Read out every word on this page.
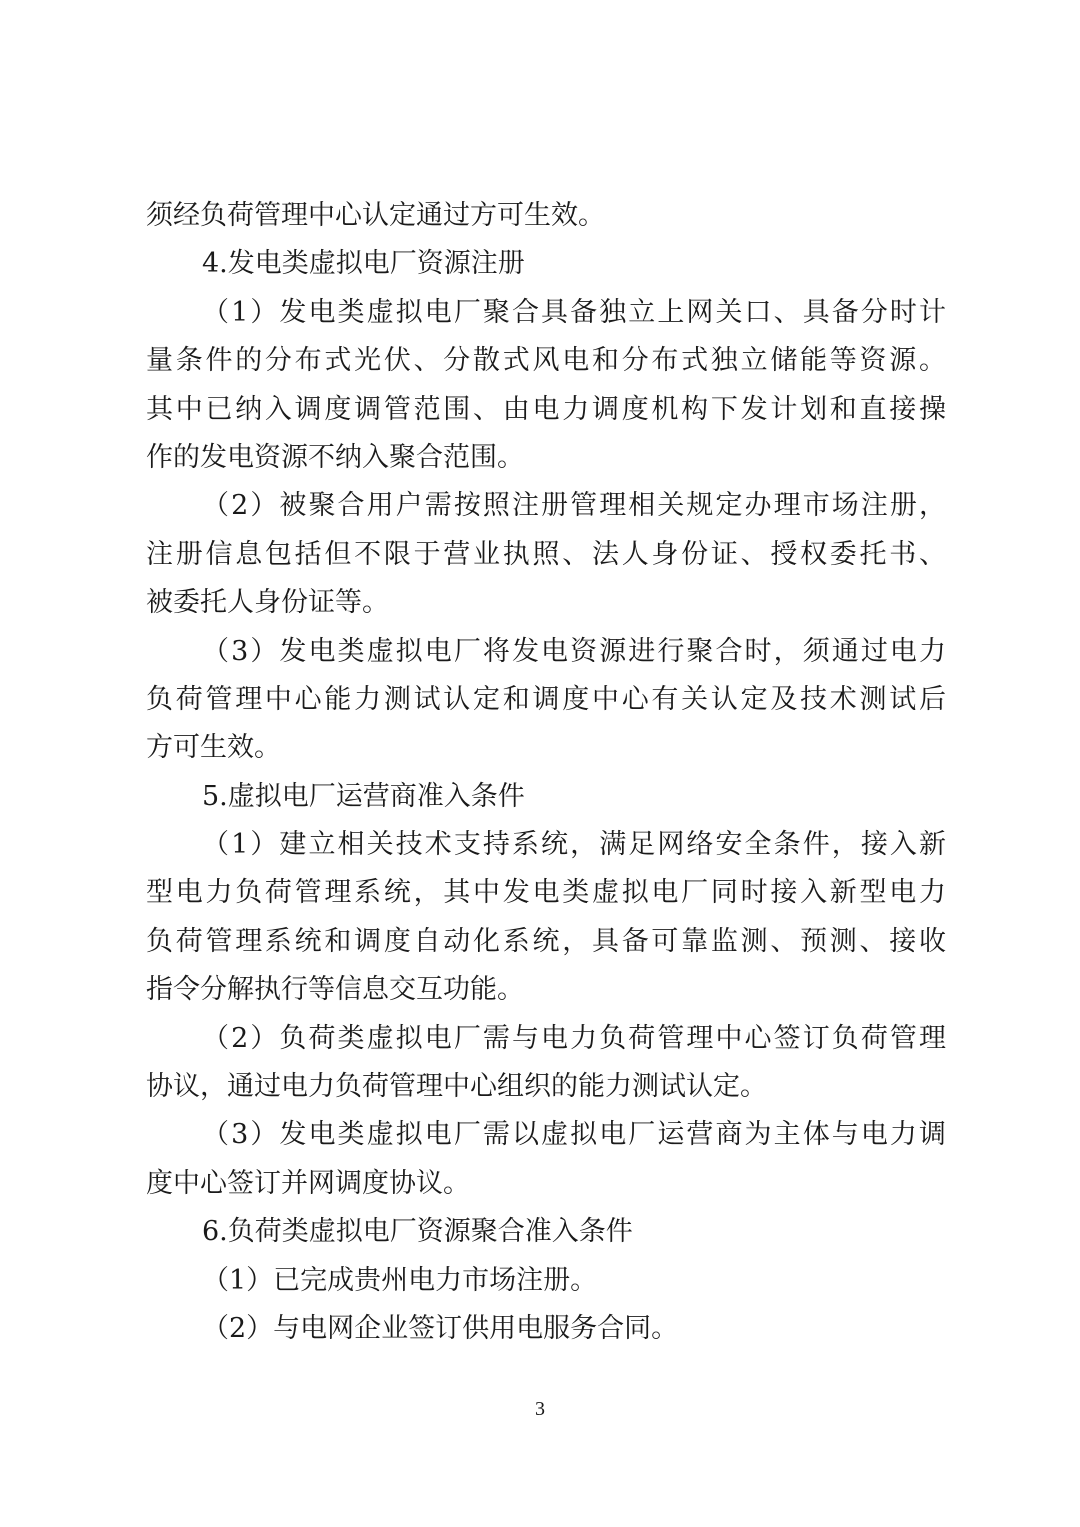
须经负荷管理中心认定通过方可生效。
4.发电类虚拟电厂资源注册
（1）发电类虚拟电厂聚合具备独立上网关口、具备分时计
量条件的分布式光伏、分散式风电和分布式独立储能等资源。
其中已纳入调度调管范围、由电力调度机构下发计划和直接操
作的发电资源不纳入聚合范围。
（2）被聚合用户需按照注册管理相关规定办理市场注册，
注册信息包括但不限于营业执照、法人身份证、授权委托书、
被委托人身份证等。
（3）发电类虚拟电厂将发电资源进行聚合时，须通过电力
负荷管理中心能力测试认定和调度中心有关认定及技术测试后
方可生效。
5.虚拟电厂运营商准入条件
（1）建立相关技术支持系统，满足网络安全条件，接入新
型电力负荷管理系统，其中发电类虚拟电厂同时接入新型电力
负荷管理系统和调度自动化系统，具备可靠监测、预测、接收
指令分解执行等信息交互功能。
（2）负荷类虚拟电厂需与电力负荷管理中心签订负荷管理
协议，通过电力负荷管理中心组织的能力测试认定。
（3）发电类虚拟电厂需以虚拟电厂运营商为主体与电力调
度中心签订并网调度协议。
6.负荷类虚拟电厂资源聚合准入条件
（1）已完成贵州电力市场注册。
（2）与电网企业签订供用电服务合同。
3
